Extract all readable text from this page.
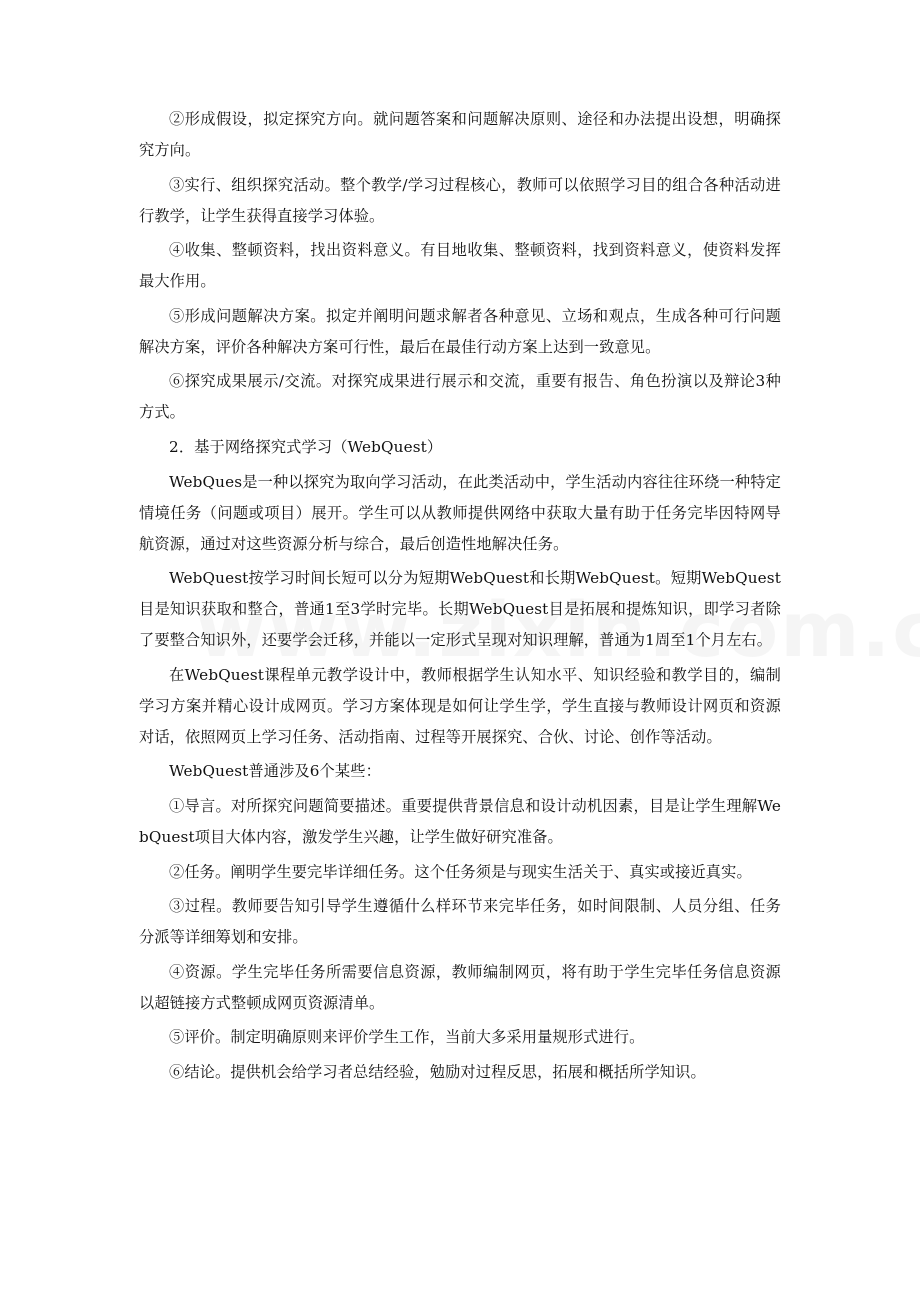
②形成假设，拟定探究方向。就问题答案和问题解决原则、途径和办法提出设想，明确探究方向。

③实行、组织探究活动。整个教学/学习过程核心，教师可以依照学习目的组合各种活动进行教学，让学生获得直接学习体验。

④收集、整顿资料，找出资料意义。有目地收集、整顿资料，找到资料意义，使资料发挥最大作用。

⑤形成问题解决方案。拟定并阐明问题求解者各种意见、立场和观点，生成各种可行问题解决方案，评价各种解决方案可行性，最后在最佳行动方案上达到一致意见。

⑥探究成果展示/交流。对探究成果进行展示和交流，重要有报告、角色扮演以及辩论3种方式。

2．基于网络探究式学习（WebQuest）

WebQues是一种以探究为取向学习活动，在此类活动中，学生活动内容往往环绕一种特定情境任务（问题或项目）展开。学生可以从教师提供网络中获取大量有助于任务完毕因特网导航资源，通过对这些资源分析与综合，最后创造性地解决任务。

WebQuest按学习时间长短可以分为短期WebQuest和长期WebQuest。短期WebQuest目是知识获取和整合，普通1至3学时完毕。长期WebQuest目是拓展和提炼知识，即学习者除了要整合知识外，还要学会迁移，并能以一定形式呈现对知识理解，普通为1周至1个月左右。

在WebQuest课程单元教学设计中，教师根据学生认知水平、知识经验和教学目的，编制学习方案并精心设计成网页。学习方案体现是如何让学生学，学生直接与教师设计网页和资源对话，依照网页上学习任务、活动指南、过程等开展探究、合伙、讨论、创作等活动。

WebQuest普通涉及6个某些：

①导言。对所探究问题简要描述。重要提供背景信息和设计动机因素，目是让学生理解WebQuest项目大体内容，激发学生兴趣，让学生做好研究准备。

②任务。阐明学生要完毕详细任务。这个任务须是与现实生活关于、真实或接近真实。

③过程。教师要告知引导学生遵循什么样环节来完毕任务，如时间限制、人员分组、任务分派等详细筹划和安排。

④资源。学生完毕任务所需要信息资源，教师编制网页，将有助于学生完毕任务信息资源以超链接方式整顿成网页资源清单。

⑤评价。制定明确原则来评价学生工作，当前大多采用量规形式进行。

⑥结论。提供机会给学习者总结经验，勉励对过程反思，拓展和概括所学知识。
